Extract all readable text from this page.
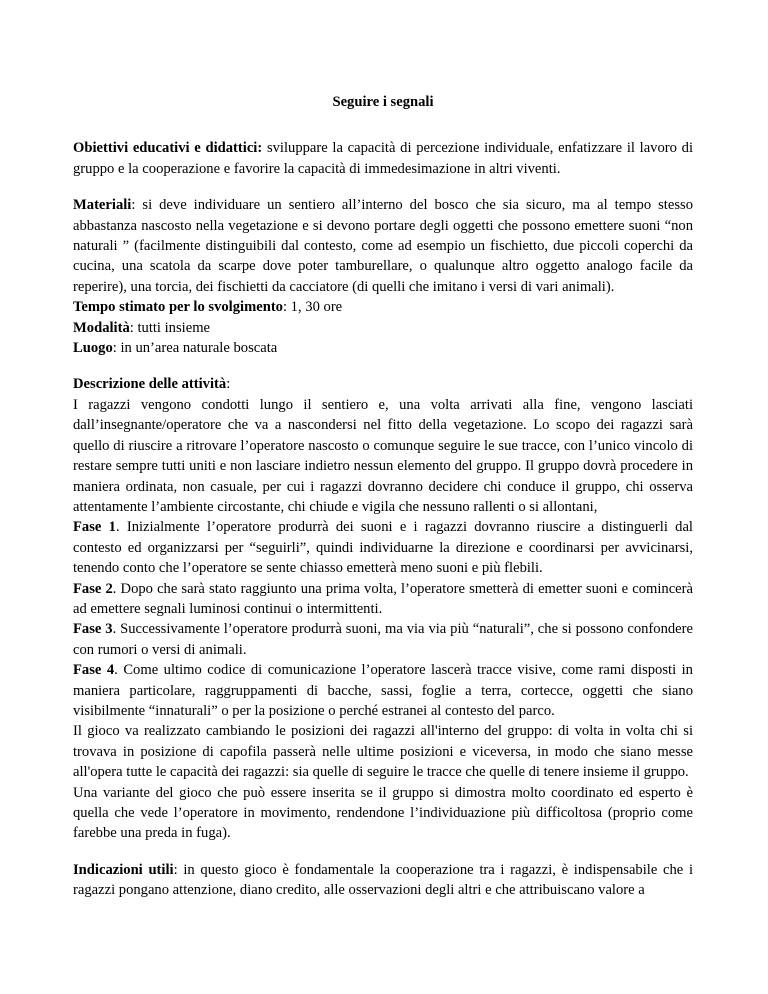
Seguire i segnali

Obiettivi educativi e didattici: sviluppare la capacità di percezione individuale, enfatizzare il lavoro di gruppo e la cooperazione e favorire la capacità di immedesimazione in altri viventi.

Materiali: si deve individuare un sentiero all’interno del bosco che sia sicuro, ma al tempo stesso abbastanza nascosto nella vegetazione e si devono portare degli oggetti che possono emettere suoni “non naturali ” (facilmente distinguibili dal contesto, come ad esempio un fischietto, due piccoli coperchi da cucina, una scatola da scarpe dove poter tamburellare, o qualunque altro oggetto analogo facile da reperire), una torcia, dei fischietti da cacciatore (di quelli che imitano i versi di vari animali).

Tempo stimato per lo svolgimento: 1, 30 ore

Modalità: tutti insieme

Luogo: in un’area naturale boscata

Descrizione delle attività:

I ragazzi vengono condotti lungo il sentiero e, una volta arrivati alla fine, vengono lasciati dall’insegnante/operatore che va a nascondersi nel fitto della vegetazione. Lo scopo dei ragazzi sarà quello di riuscire a ritrovare l’operatore nascosto o comunque seguire le sue tracce, con l’unico vincolo di restare sempre tutti uniti e non lasciare indietro nessun elemento del gruppo. Il gruppo dovrà procedere in maniera ordinata, non casuale, per cui i ragazzi dovranno decidere chi conduce il gruppo, chi osserva attentamente l’ambiente circostante, chi chiude e vigila che nessuno rallenti o si allontani,

Fase 1. Inizialmente l’operatore produrrà dei suoni e i ragazzi dovranno riuscire a distinguerli dal contesto ed organizzarsi per “seguirli”, quindi individuarne la direzione e coordinarsi per avvicinarsi, tenendo conto che l’operatore se sente chiasso emetterà meno suoni e più flebili.

Fase 2. Dopo che sarà stato raggiunto una prima volta, l’operatore smetterà di emetter suoni e comincerà ad emettere segnali luminosi continui o intermittenti.

Fase 3. Successivamente l’operatore produrrà suoni, ma via via più “naturali”, che si possono confondere con rumori o versi di animali.

Fase 4. Come ultimo codice di comunicazione l’operatore lascerà tracce visive, come rami disposti in maniera particolare, raggruppamenti di bacche, sassi, foglie a terra, cortecce, oggetti che siano visibilmente “innaturali” o per la posizione o perché estranei al contesto del parco.

Il gioco va realizzato cambiando le posizioni dei ragazzi all'interno del gruppo: di volta in volta chi si trovava in posizione di capofila passerà nelle ultime posizioni e viceversa, in modo che siano messe all'opera tutte le capacità dei ragazzi: sia quelle di seguire le tracce che quelle di tenere insieme il gruppo.

Una variante del gioco che può essere inserita se il gruppo si dimostra molto coordinato ed esperto è quella che vede l’operatore in movimento, rendendone l’individuazione più difficoltosa (proprio come farebbe una preda in fuga).

Indicazioni utili: in questo gioco è fondamentale la cooperazione tra i ragazzi, è indispensabile che i ragazzi pongano attenzione, diano credito, alle osservazioni degli altri e che attribuiscano valore a
